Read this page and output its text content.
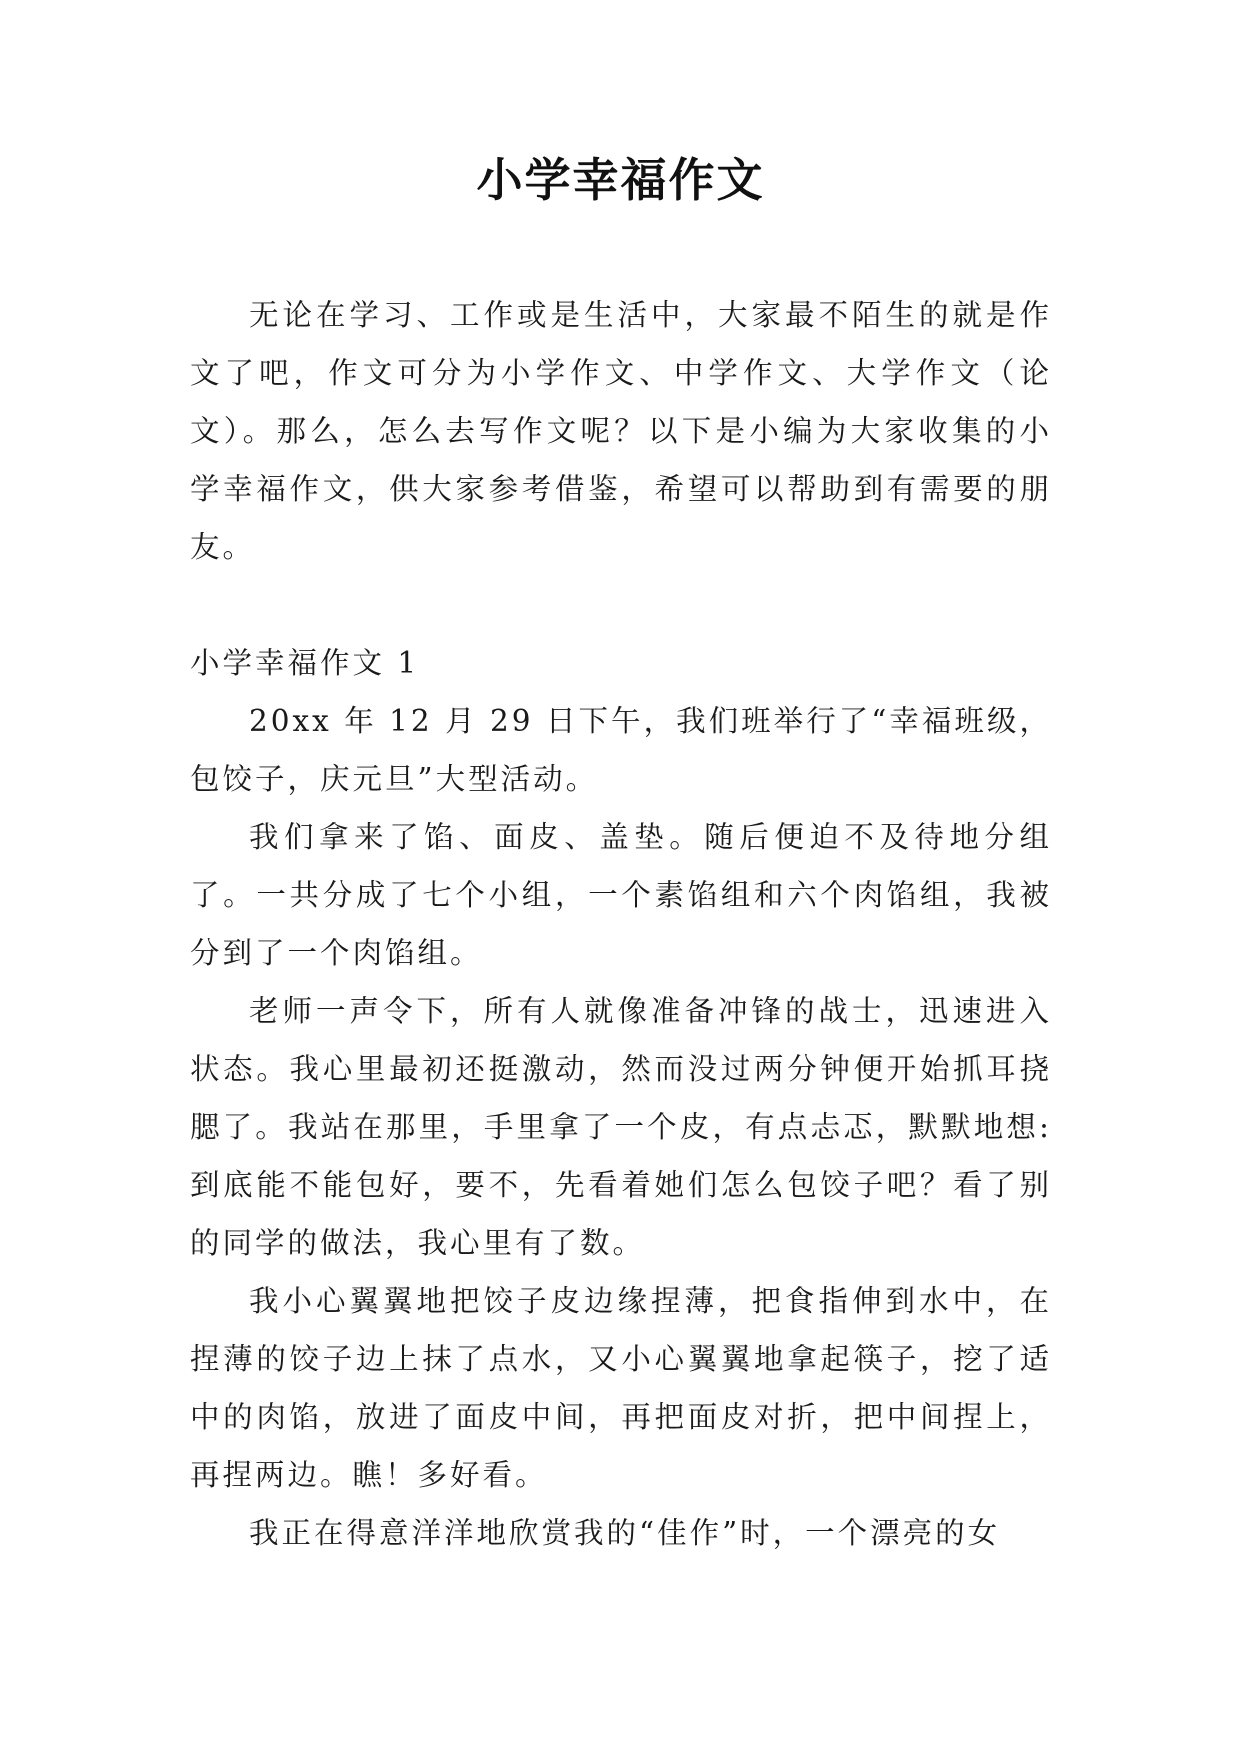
小学幸福作文

无论在学习、工作或是生活中，大家最不陌生的就是作文了吧，作文可分为小学作文、中学作文、大学作文（论文）。那么，怎么去写作文呢？以下是小编为大家收集的小学幸福作文，供大家参考借鉴，希望可以帮助到有需要的朋友。

小学幸福作文 1

20xx 年 12 月 29 日下午，我们班举行了“幸福班级，包饺子，庆元旦”大型活动。

我们拿来了馅、面皮、盖垫。随后便迫不及待地分组了。一共分成了七个小组，一个素馅组和六个肉馅组，我被分到了一个肉馅组。

老师一声令下，所有人就像准备冲锋的战士，迅速进入状态。我心里最初还挺激动，然而没过两分钟便开始抓耳挠腮了。我站在那里，手里拿了一个皮，有点忐忑，默默地想:到底能不能包好，要不，先看着她们怎么包饺子吧？看了别的同学的做法，我心里有了数。

我小心翼翼地把饺子皮边缘捏薄，把食指伸到水中，在捏薄的饺子边上抹了点水，又小心翼翼地拿起筷子，挖了适中的肉馅，放进了面皮中间，再把面皮对折，把中间捏上，再捏两边。瞧！多好看。

我正在得意洋洋地欣赏我的“佳作”时，一个漂亮的女
